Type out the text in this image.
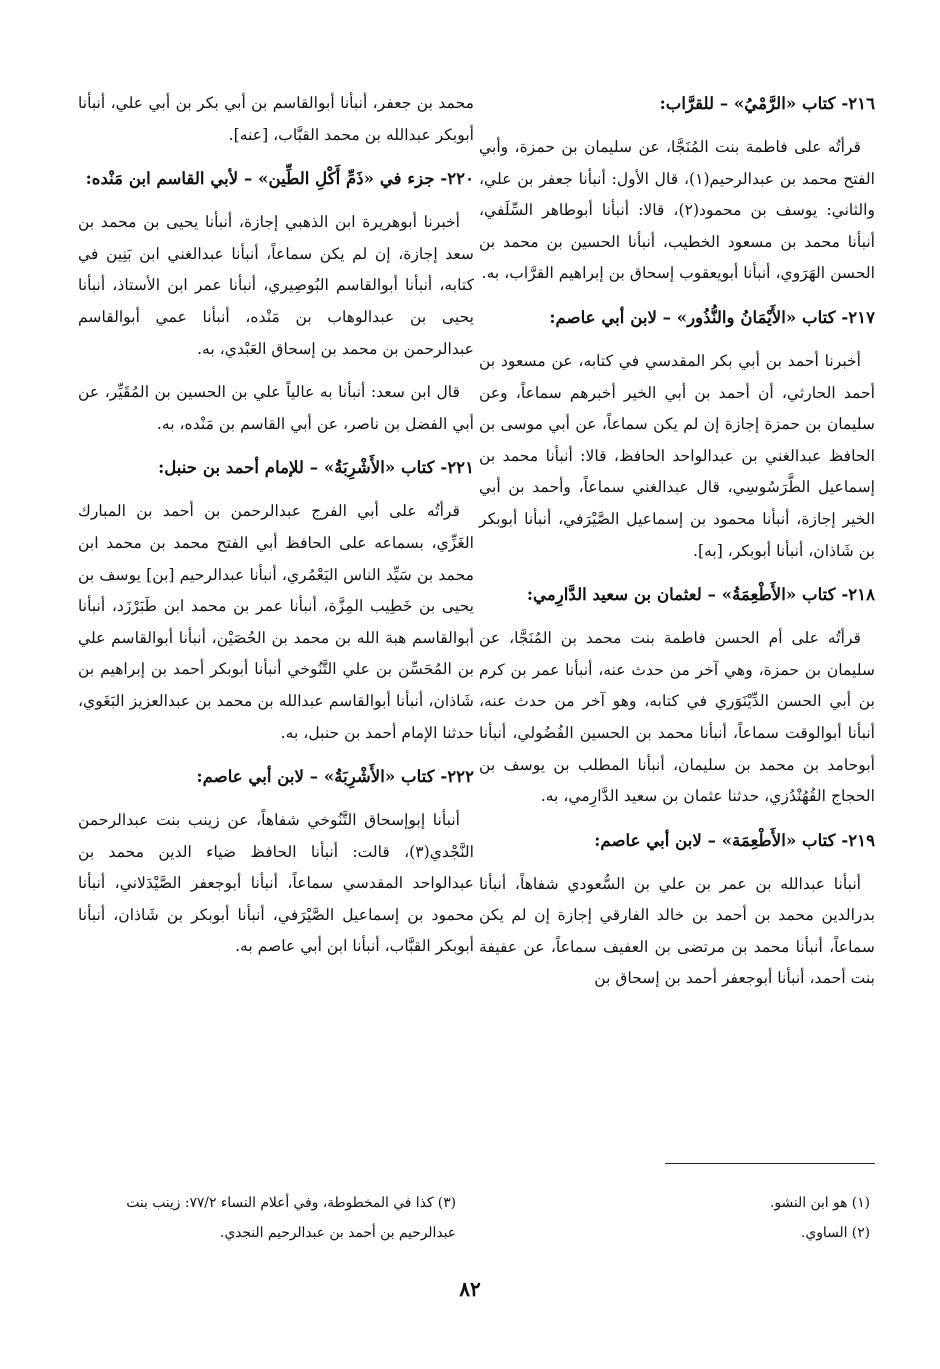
٢١٦- كتاب «الرَّمْيُ» – للقرَّاب:

قرأتُه على فاطمة بنت المُنَجَّا، عن سليمان بن حمزة، وأبي الفتح محمد بن عبدالرحيم(١)، قال الأول: أنبأنا جعفر بن علي، والثاني: يوسف بن محمود(٢)، قالا: أنبأنا أبوطاهر السِّلَفي، أنبأنا محمد بن مسعود الخطيب، أنبأنا الحسين بن محمد بن الحسن الهَرَوي، أنبأنا أبويعقوب إسحاق بن إبراهيم القرَّاب، به.

٢١٧- كتاب «الأَيْمَانُ والنُّذُور» – لابن أبي عاصم:

أخبرنا أحمد بن أبي بكر المقدسي في كتابه، عن مسعود بن أحمد الحارثي، أن أحمد بن أبي الخير أخبرهم سماعاً، وعن سليمان بن حمزة إجازة إن لم يكن سماعاً، عن أبي موسى بن الحافظ عبدالغني بن عبدالواحد الحافظ، قالا: أنبأنا محمد بن إسماعيل الطَّرَسُوسِي، قال عبدالغني سماعاً، وأحمد بن أبي الخير إجازة، أنبأنا محمود بن إسماعيل الصَّيْرَفي، أنبأنا أبوبكر بن شَاذان، أنبأنا أبوبكر، [به].

٢١٨- كتاب «الأَطْعِمَةُ» – لعثمان بن سعيد الدَّارِمي:

قرأتُه على أم الحسن فاطمة بنت محمد بن المُنَجَّا، عن سليمان بن حمزة، وهي آخر من حدث عنه، أنبأنا عمر بن كرم بن أبي الحسن الدِّيْنَوَري في كتابه، وهو آخر من حدث عنه، أنبأنا أبوالوقت سماعاً، أنبأنا محمد بن الحسين الفُضُولي، أنبأنا أبوحامد بن محمد بن سليمان، أنبأنا المطلب بن يوسف بن الحجاج القُهُنْدُزي، حدثنا عثمان بن سعيد الدَّارِمي، به.

٢١٩- كتاب «الأَطْعِمَة» – لابن أبي عاصم:

أنبأنا عبدالله بن عمر بن علي بن السُّعودي شفاهاً، أنبأنا بدرالدين محمد بن أحمد بن خالد الفارقي إجازة إن لم يكن سماعاً، أنبأنا محمد بن مرتضى بن العفيف سماعاً، عن عفيفة بنت أحمد، أنبأنا أبوجعفر أحمد بن إسحاق بن

محمد بن جعفر، أنبأنا أبوالقاسم بن أبي بكر بن أبي علي، أنبأنا أبوبكر عبدالله بن محمد القبَّاب، [عنه].

٢٢٠- جزء في «ذَمِّ أَكْلِ الطِّين» – لأبي القاسم ابن مَنْده:

أخبرنا أبوهريرة ابن الذهبي إجازة، أنبأنا يحيى بن محمد بن سعد إجازة، إن لم يكن سماعاً، أنبأنا عبدالغني ابن بَنِين في كتابه، أنبأنا أبوالقاسم البُوصِيري، أنبأنا عمر ابن الأستاذ، أنبأنا يحيى بن عبدالوهاب بن مَنْده، أنبأنا عمي أبوالقاسم عبدالرحمن بن محمد بن إسحاق العَبْدي، به.

قال ابن سعد: أنبأنا به عالياً علي بن الحسين بن المُقَيِّر، عن أبي الفضل بن ناصر، عن أبي القاسم بن مَنْده، به.

٢٢١- كتاب «الأَشْرِبَةُ» – للإمام أحمد بن حنبل:

قرأتُه على أبي الفرج عبدالرحمن بن أحمد بن المبارك الغَزِّي، بسماعه على الحافظ أبي الفتح محمد بن محمد ابن محمد بن سَيِّد الناس اليَعْمُري، أنبأنا عبدالرحيم [بن] يوسف بن يحيى بن خَطِيب المِزَّة، أنبأنا عمر بن محمد ابن طَبَرْزَد، أنبأنا أبوالقاسم هبة الله بن محمد بن الحُصَيْن، أنبأنا أبوالقاسم علي بن المُحَسِّن بن علي التَّنُوخي أنبأنا أبوبكر أحمد بن إبراهيم بن شَاذان، أنبأنا أبوالقاسم عبدالله بن محمد بن عبدالعزيز البَغَوي، حدثنا الإمام أحمد بن حنبل، به.

٢٢٢- كتاب «الأَشْرِبَةُ» – لابن أبي عاصم:

أنبأنا إبوإسحاق التَّنُوخي شفاهاً، عن زينب بنت عبدالرحمن النَّجْدي(٣)، قالت: أنبأنا الحافظ ضياء الدين محمد بن عبدالواحد المقدسي سماعاً، أنبأنا أبوجعفر الصَّيْدَلاني، أنبأنا محمود بن إسماعيل الصَّيْرَفي، أنبأنا أبوبكر بن شَاذان، أنبأنا أبوبكر القبَّاب، أنبأنا ابن أبي عاصم به.

(١) هو ابن النشو.
(٢) الساوي.
(٣) كذا في المخطوطة، وفي أعلام النساء ٧٧/٢: زينب بنت
عبدالرحيم بن أحمد بن عبدالرحيم النجدي.
٨٢
